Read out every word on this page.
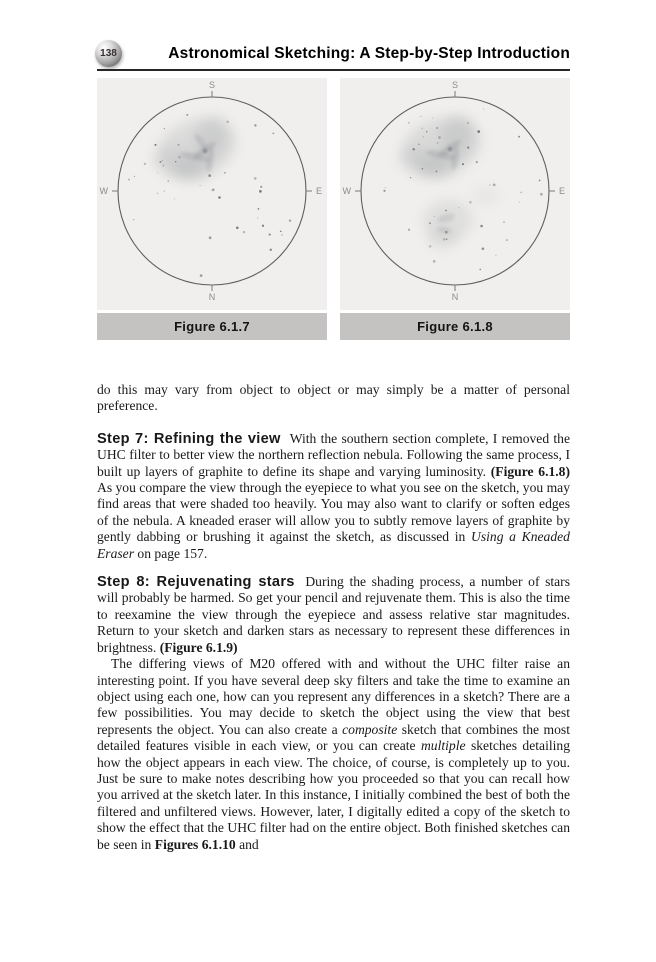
138	Astronomical Sketching: A Step-by-Step Introduction
S
N
W	E
Figure 6.1.7
S
N
W	E
Figure 6.1.8

do this may vary from object to object or may simply be a matter of personal preference.

Step 7: Refining the view With the southern section complete, I removed the UHC filter to better view the northern reflection nebula. Following the same process, I built up layers of graphite to define its shape and varying luminosity. (Figure 6.1.8) As you compare the view through the eyepiece to what you see on the sketch, you may find areas that were shaded too heavily. You may also want to clarify or soften edges of the nebula. A kneaded eraser will allow you to subtly remove layers of graphite by gently dabbing or brushing it against the sketch, as discussed in Using a Kneaded Eraser on page 157.

Step 8: Rejuvenating stars During the shading process, a number of stars will probably be harmed. So get your pencil and rejuvenate them. This is also the time to reexamine the view through the eyepiece and assess relative star magnitudes. Return to your sketch and darken stars as necessary to represent these differences in brightness. (Figure 6.1.9)

The differing views of M20 offered with and without the UHC filter raise an interesting point. If you have several deep sky filters and take the time to examine an object using each one, how can you represent any differences in a sketch? There are a few possibilities. You may decide to sketch the object using the view that best represents the object. You can also create a composite sketch that combines the most detailed features visible in each view, or you can create multiple sketches detailing how the object appears in each view. The choice, of course, is completely up to you. Just be sure to make notes describing how you proceeded so that you can recall how you arrived at the sketch later. In this instance, I initially combined the best of both the filtered and unfiltered views. However, later, I digitally edited a copy of the sketch to show the effect that the UHC filter had on the entire object. Both finished sketches can be seen in Figures 6.1.10 and
